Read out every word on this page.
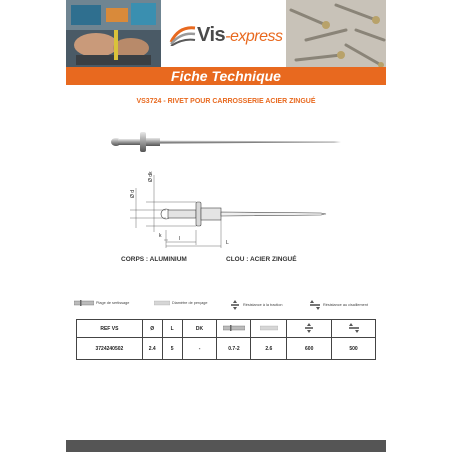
Vis-express
Fiche Technique
VS3724 - RIVET POUR CARROSSERIE ACIER ZINGUÉ
Ø d
Ø dk
k	l
L
CORPS : ALUMINIUM	CLOU : ACIER ZINGUÉ
Plage de sertissage	Diamètre de perçage	Résistance à la traction	Résistance au cisaillement
REF VS	Ø	L	DK				
3724240502	2.4	5	-	0.7-2	2.6	600	500
